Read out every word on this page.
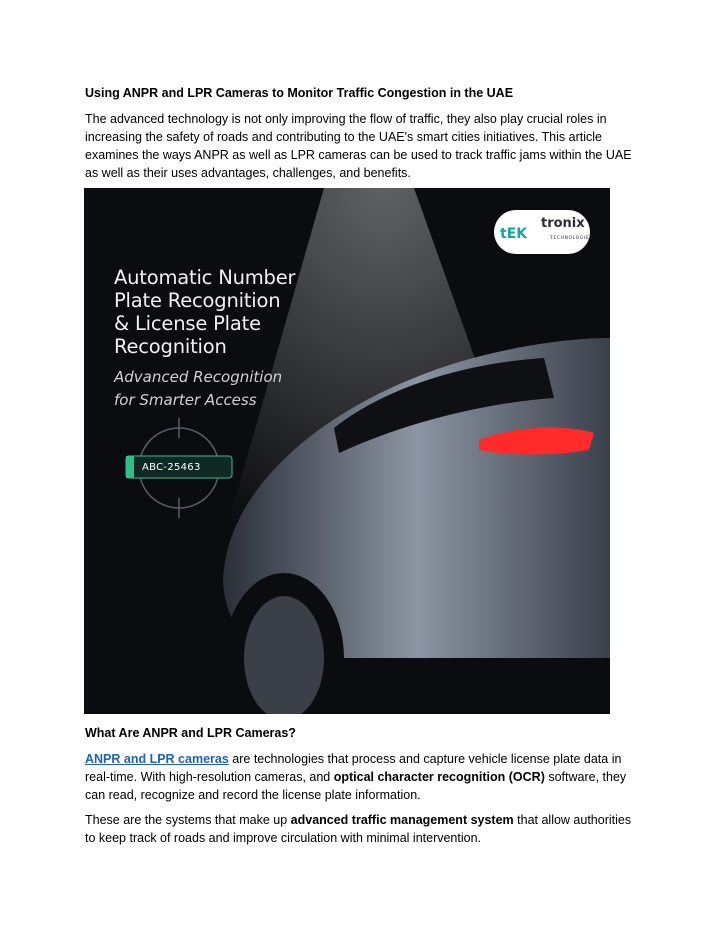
Using ANPR and LPR Cameras to Monitor Traffic Congestion in the UAE

The advanced technology is not only improving the flow of traffic, they also play crucial roles in increasing the safety of roads and contributing to the UAE's smart cities initiatives. This article examines the ways ANPR as well as LPR cameras can be used to track traffic jams within the UAE as well as their uses advantages, challenges, and benefits.

Automatic Number
Plate Recognition
& License Plate
Recognition
Advanced Recognition
for Smarter Access
ABC-25463
tEK
tronix
TECHNOLOGIES

What Are ANPR and LPR Cameras?

ANPR and LPR cameras are technologies that process and capture vehicle license plate data in real-time. With high-resolution cameras, and optical character recognition (OCR) software, they can read, recognize and record the license plate information.

These are the systems that make up advanced traffic management system that allow authorities to keep track of roads and improve circulation with minimal intervention.
